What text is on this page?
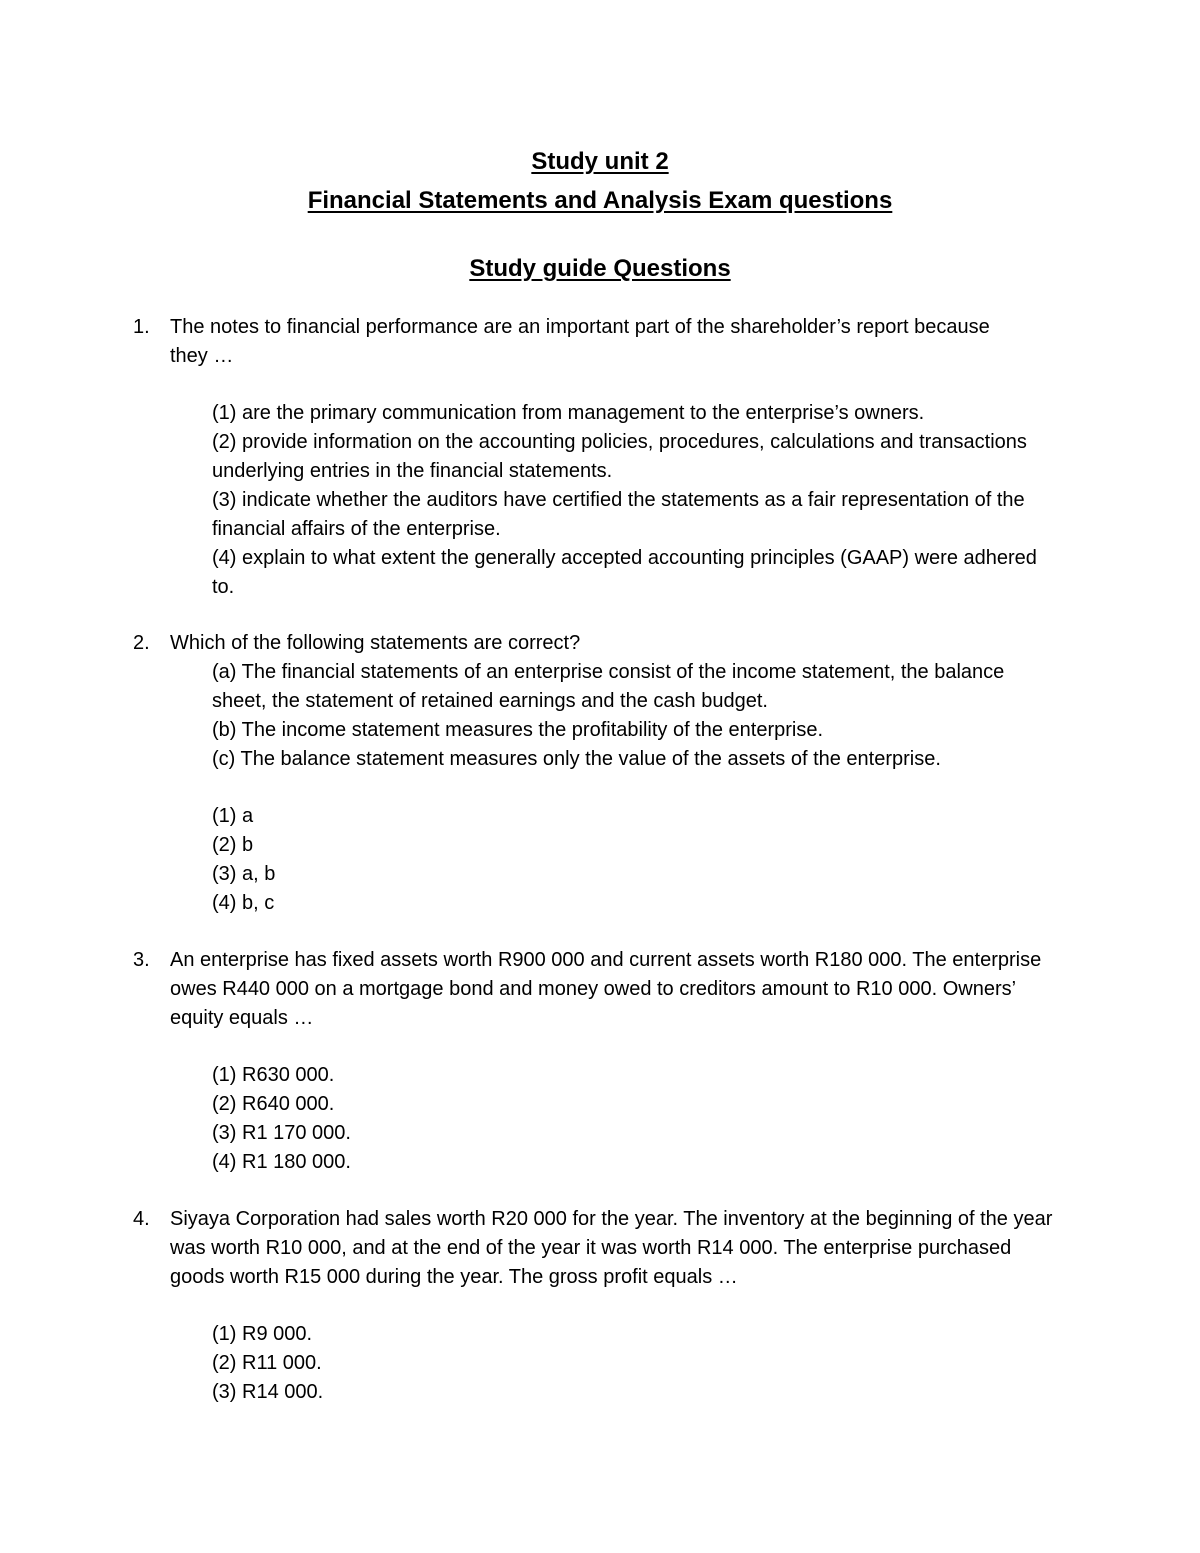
Study unit 2
Financial Statements and Analysis Exam questions
Study guide Questions
1. The notes to financial performance are an important part of the shareholder’s report because they …
(1) are the primary communication from management to the enterprise’s owners.
(2) provide information on the accounting policies, procedures, calculations and transactions underlying entries in the financial statements.
(3) indicate whether the auditors have certified the statements as a fair representation of the financial affairs of the enterprise.
(4) explain to what extent the generally accepted accounting principles (GAAP) were adhered to.
2. Which of the following statements are correct?
(a) The financial statements of an enterprise consist of the income statement, the balance sheet, the statement of retained earnings and the cash budget.
(b) The income statement measures the profitability of the enterprise.
(c) The balance statement measures only the value of the assets of the enterprise.
(1) a
(2) b
(3) a, b
(4) b, c
3. An enterprise has fixed assets worth R900 000 and current assets worth R180 000. The enterprise owes R440 000 on a mortgage bond and money owed to creditors amount to R10 000. Owners’ equity equals …
(1) R630 000.
(2) R640 000.
(3) R1 170 000.
(4) R1 180 000.
4. Siyaya Corporation had sales worth R20 000 for the year. The inventory at the beginning of the year was worth R10 000, and at the end of the year it was worth R14 000. The enterprise purchased goods worth R15 000 during the year. The gross profit equals …
(1) R9 000.
(2) R11 000.
(3) R14 000.
